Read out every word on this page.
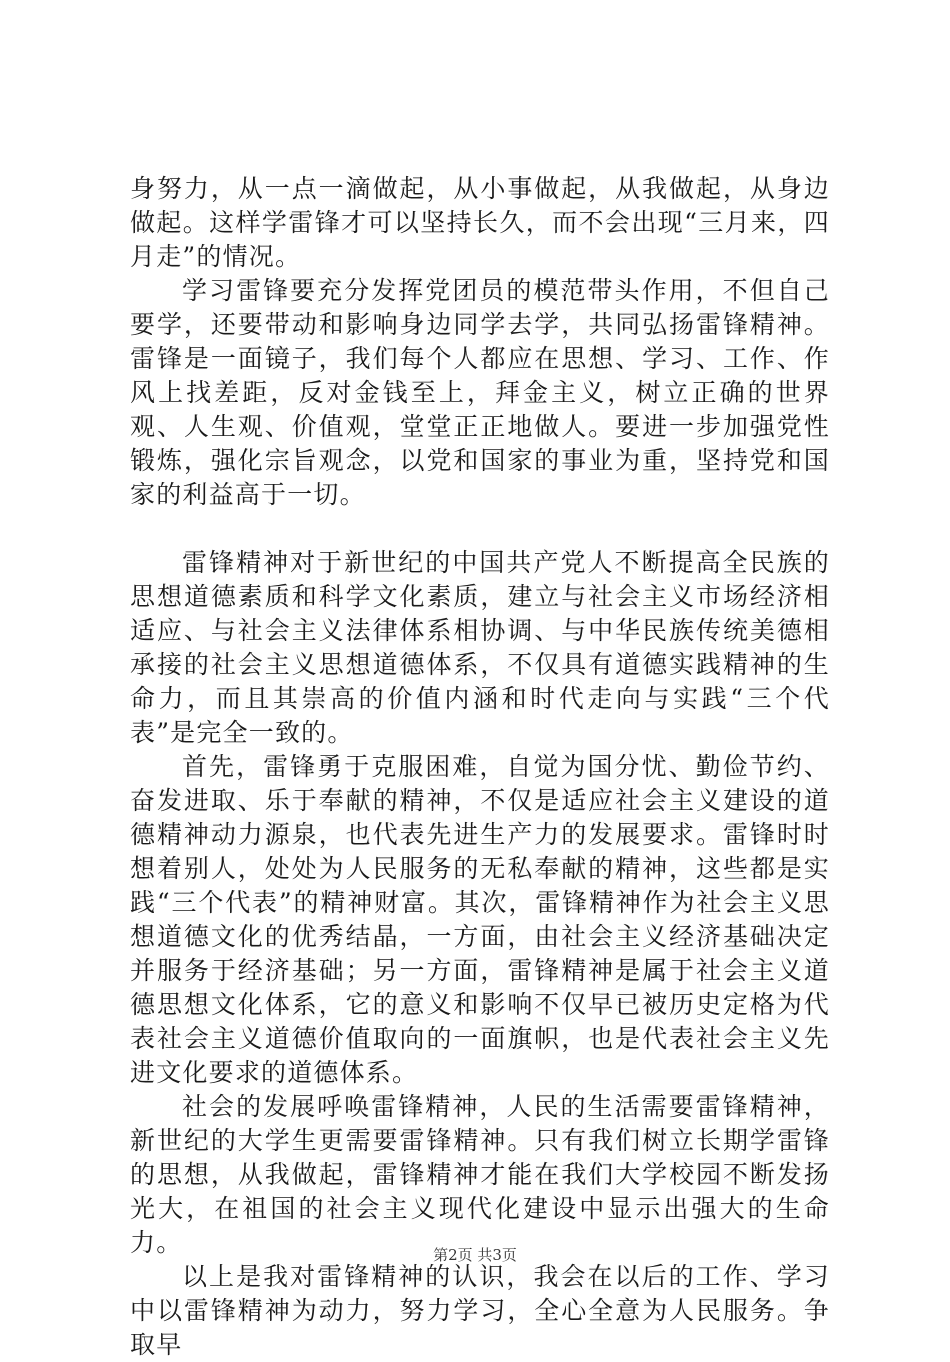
身努力，从一点一滴做起，从小事做起，从我做起，从身边做起。这样学雷锋才可以坚持长久，而不会出现“三月来，四月走”的情况。

学习雷锋要充分发挥党团员的模范带头作用，不但自己要学，还要带动和影响身边同学去学，共同弘扬雷锋精神。雷锋是一面镜子，我们每个人都应在思想、学习、工作、作风上找差距，反对金钱至上，拜金主义，树立正确的世界观、人生观、价值观，堂堂正正地做人。要进一步加强党性锻炼，强化宗旨观念，以党和国家的事业为重，坚持党和国家的利益高于一切。

雷锋精神对于新世纪的中国共产党人不断提高全民族的思想道德素质和科学文化素质，建立与社会主义市场经济相适应、与社会主义法律体系相协调、与中华民族传统美德相承接的社会主义思想道德体系，不仅具有道德实践精神的生命力，而且其崇高的价值内涵和时代走向与实践“三个代表”是完全一致的。

首先，雷锋勇于克服困难，自觉为国分忧、勤俭节约、奋发进取、乐于奉献的精神，不仅是适应社会主义建设的道德精神动力源泉，也代表先进生产力的发展要求。雷锋时时想着别人，处处为人民服务的无私奉献的精神，这些都是实践“三个代表”的精神财富。其次，雷锋精神作为社会主义思想道德文化的优秀结晶，一方面，由社会主义经济基础决定并服务于经济基础；另一方面，雷锋精神是属于社会主义道德思想文化体系，它的意义和影响不仅早已被历史定格为代表社会主义道德价值取向的一面旗帜，也是代表社会主义先进文化要求的道德体系。

社会的发展呼唤雷锋精神，人民的生活需要雷锋精神，新世纪的大学生更需要雷锋精神。只有我们树立长期学雷锋的思想，从我做起，雷锋精神才能在我们大学校园不断发扬光大，在祖国的社会主义现代化建设中显示出强大的生命力。

以上是我对雷锋精神的认识，我会在以后的工作、学习中以雷锋精神为动力，努力学习，全心全意为人民服务。争取早

第2页 共3页
